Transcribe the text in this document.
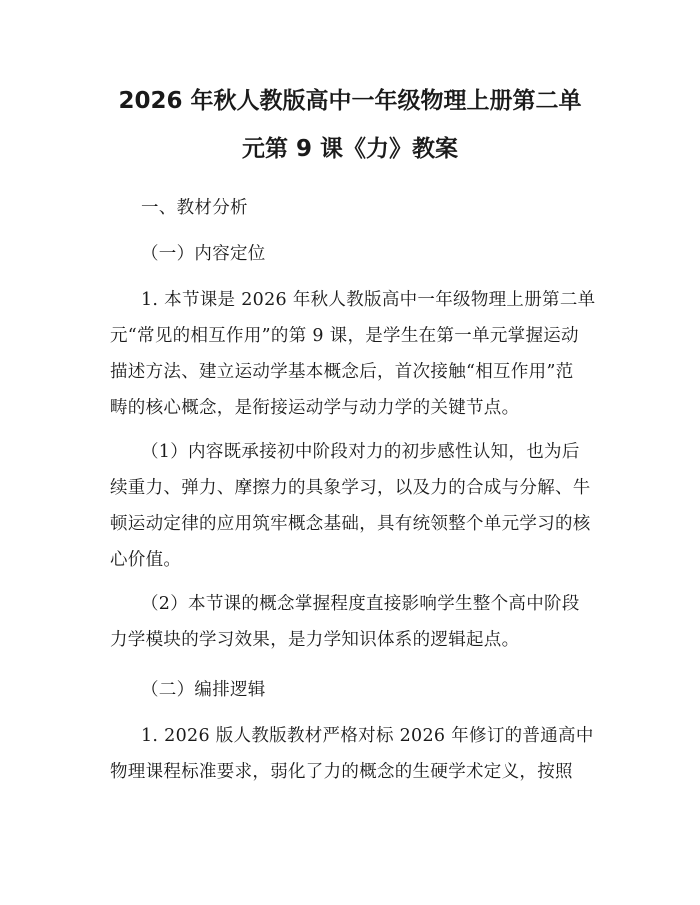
2026 年秋人教版高中一年级物理上册第二单
元第 9 课《力》教案
一、教材分析
（一）内容定位
1. 本节课是 2026 年秋人教版高中一年级物理上册第二单
元“常见的相互作用”的第 9 课，是学生在第一单元掌握运动
描述方法、建立运动学基本概念后，首次接触“相互作用”范
畴的核心概念，是衔接运动学与动力学的关键节点。
（1）内容既承接初中阶段对力的初步感性认知，也为后
续重力、弹力、摩擦力的具象学习，以及力的合成与分解、牛
顿运动定律的应用筑牢概念基础，具有统领整个单元学习的核
心价值。
（2）本节课的概念掌握程度直接影响学生整个高中阶段
力学模块的学习效果，是力学知识体系的逻辑起点。
（二）编排逻辑
1. 2026 版人教版教材严格对标 2026 年修订的普通高中
物理课程标准要求，弱化了力的概念的生硬学术定义，按照
